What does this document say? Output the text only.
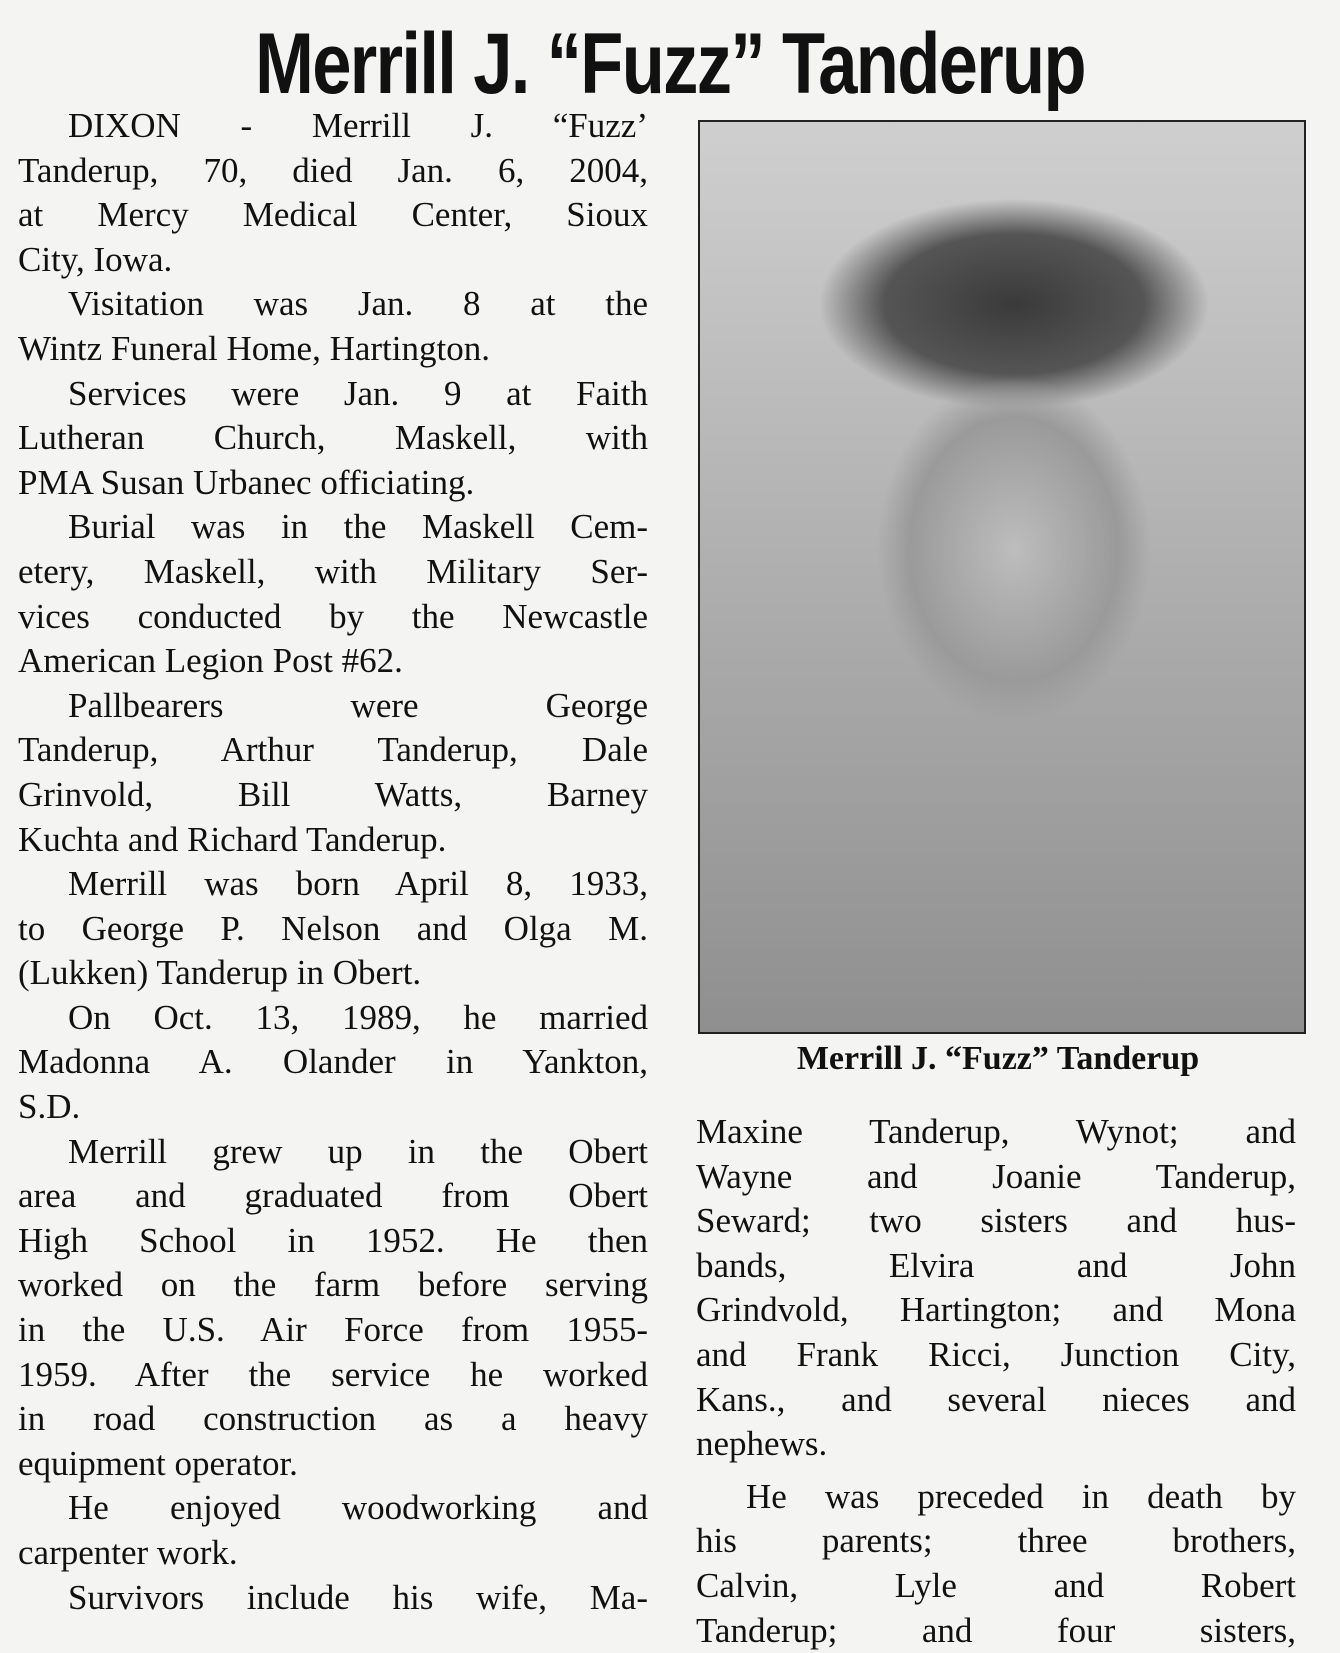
Merrill J. “Fuzz” Tanderup
Merrill J. “Fuzz” Tanderup
DIXON - Merrill J. “Fuzz’
Tanderup, 70, died Jan. 6, 2004,
at Mercy Medical Center, Sioux
City, Iowa.
Visitation was Jan. 8 at the
Wintz Funeral Home, Hartington.
Services were Jan. 9 at Faith
Lutheran Church, Maskell, with
PMA Susan Urbanec officiating.
Burial was in the Maskell Cem-
etery, Maskell, with Military Ser-
vices conducted by the Newcastle
American Legion Post #62.
Pallbearers were George
Tanderup, Arthur Tanderup, Dale
Grinvold, Bill Watts, Barney
Kuchta and Richard Tanderup.
Merrill was born April 8, 1933,
to George P. Nelson and Olga M.
(Lukken) Tanderup in Obert.
On Oct. 13, 1989, he married
Madonna A. Olander in Yankton,
S.D.
Merrill grew up in the Obert
area and graduated from Obert
High School in 1952. He then
worked on the farm before serving
in the U.S. Air Force from 1955-
1959. After the service he worked
in road construction as a heavy
equipment operator.
He enjoyed woodworking and
carpenter work.
Survivors include his wife, Ma-
Maxine Tanderup, Wynot; and
Wayne and Joanie Tanderup,
Seward; two sisters and hus-
bands, Elvira and John
Grindvold, Hartington; and Mona
and Frank Ricci, Junction City,
Kans., and several nieces and
nephews.
He was preceded in death by
his parents; three brothers,
Calvin, Lyle and Robert
Tanderup; and four sisters,
